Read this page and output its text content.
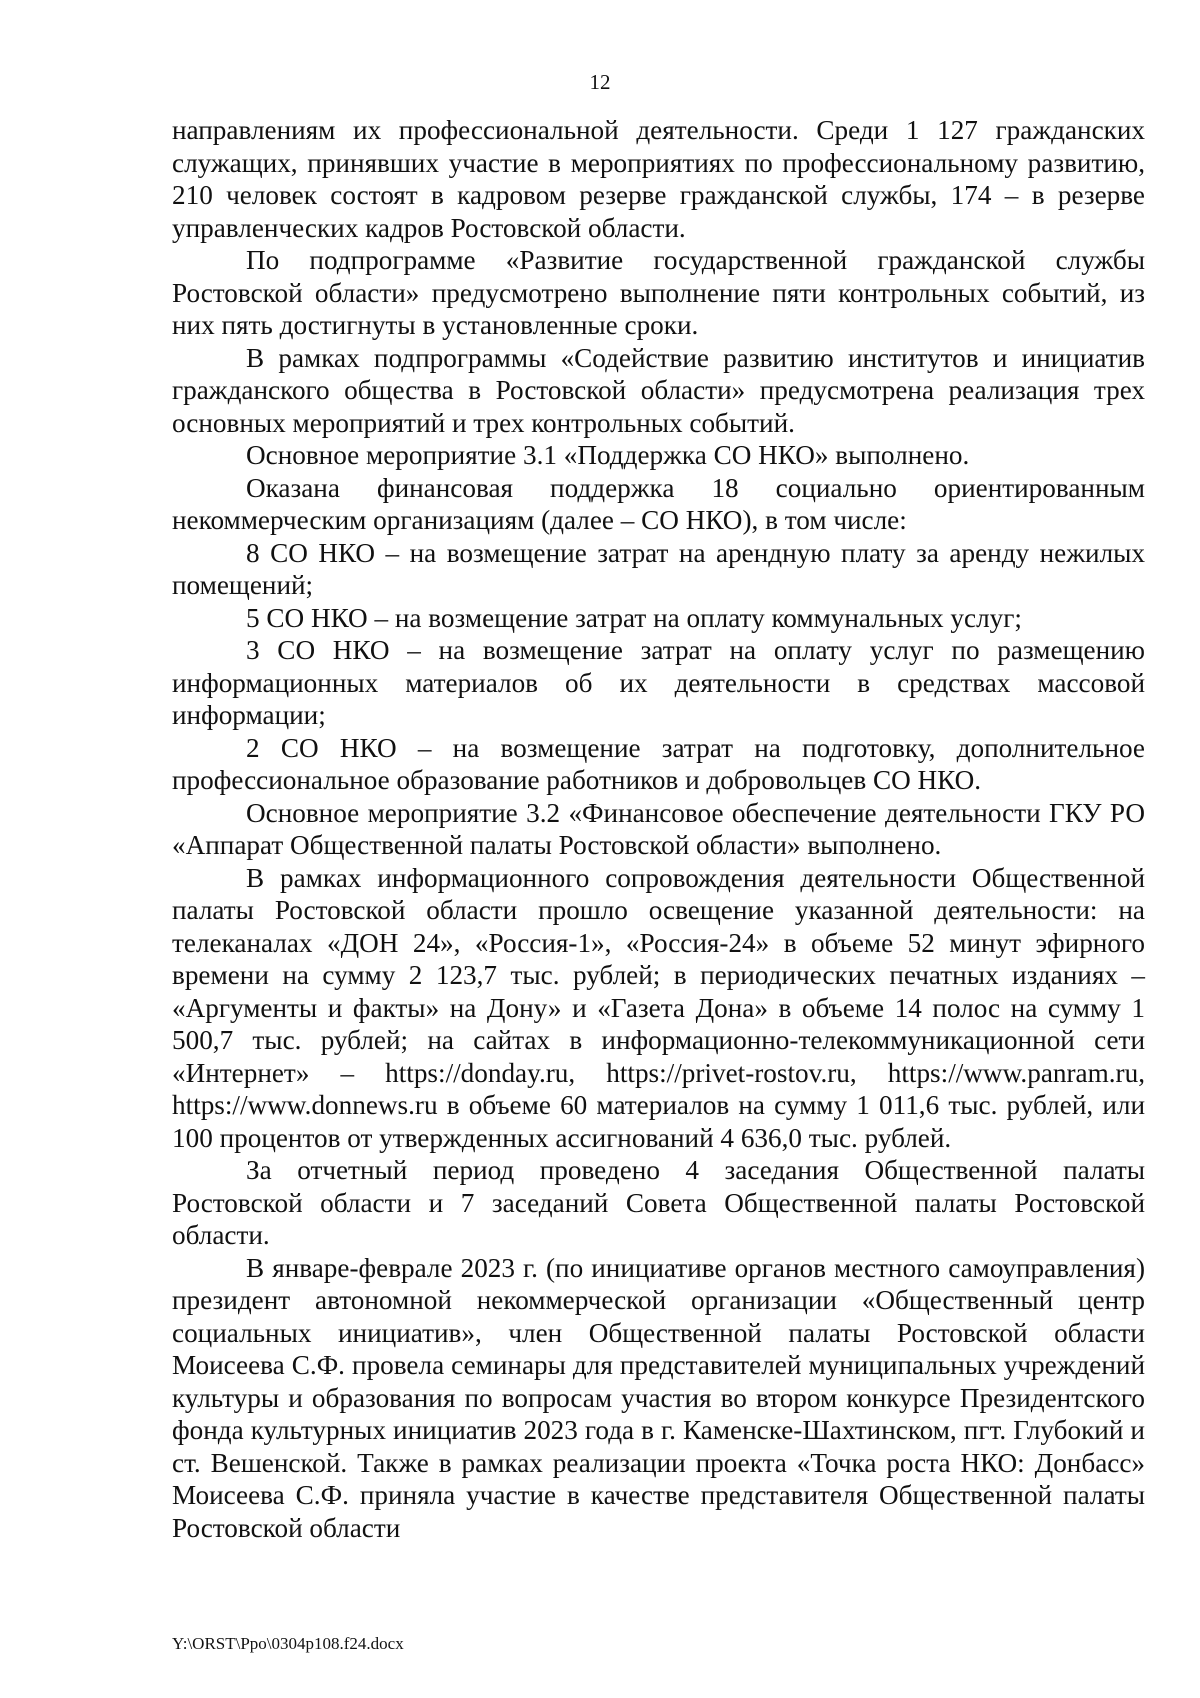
12

направлениям их профессиональной деятельности. Среди 1 127 гражданских служащих, принявших участие в мероприятиях по профессиональному развитию, 210 человек состоят в кадровом резерве гражданской службы, 174 – в резерве управленческих кадров Ростовской области.

По подпрограмме «Развитие государственной гражданской службы Ростовской области» предусмотрено выполнение пяти контрольных событий, из них пять достигнуты в установленные сроки.

В рамках подпрограммы «Содействие развитию институтов и инициатив гражданского общества в Ростовской области» предусмотрена реализация трех основных мероприятий и трех контрольных событий.

Основное мероприятие 3.1 «Поддержка СО НКО» выполнено.

Оказана финансовая поддержка 18 социально ориентированным некоммерческим организациям (далее – СО НКО), в том числе:

8 СО НКО – на возмещение затрат на арендную плату за аренду нежилых помещений;

5 СО НКО – на возмещение затрат на оплату коммунальных услуг;

3 СО НКО – на возмещение затрат на оплату услуг по размещению информационных материалов об их деятельности в средствах массовой информации;

2 СО НКО – на возмещение затрат на подготовку, дополнительное профессиональное образование работников и добровольцев СО НКО.

Основное мероприятие 3.2 «Финансовое обеспечение деятельности ГКУ РО «Аппарат Общественной палаты Ростовской области» выполнено.

В рамках информационного сопровождения деятельности Общественной палаты Ростовской области прошло освещение указанной деятельности: на телеканалах «ДОН 24», «Россия-1», «Россия-24» в объеме 52 минут эфирного времени на сумму 2 123,7 тыс. рублей; в периодических печатных изданиях – «Аргументы и факты» на Дону» и «Газета Дона» в объеме 14 полос на сумму 1 500,7 тыс. рублей; на сайтах в информационно-телекоммуникационной сети «Интернет» – https://donday.ru, https://privet-rostov.ru, https://www.panram.ru, https://www.donnews.ru в объеме 60 материалов на сумму 1 011,6 тыс. рублей, или 100 процентов от утвержденных ассигнований 4 636,0 тыс. рублей.

За отчетный период проведено 4 заседания Общественной палаты Ростовской области и 7 заседаний Совета Общественной палаты Ростовской области.

В январе-феврале 2023 г. (по инициативе органов местного самоуправления) президент автономной некоммерческой организации «Общественный центр социальных инициатив», член Общественной палаты Ростовской области Моисеева С.Ф. провела семинары для представителей муниципальных учреждений культуры и образования по вопросам участия во втором конкурсе Президентского фонда культурных инициатив 2023 года в г. Каменске-Шахтинском, пгт. Глубокий и ст. Вешенской. Также в рамках реализации проекта «Точка роста НКО: Донбасс» Моисеева С.Ф. приняла участие в качестве представителя Общественной палаты Ростовской области

Y:\ORST\Ppo\0304p108.f24.docx
